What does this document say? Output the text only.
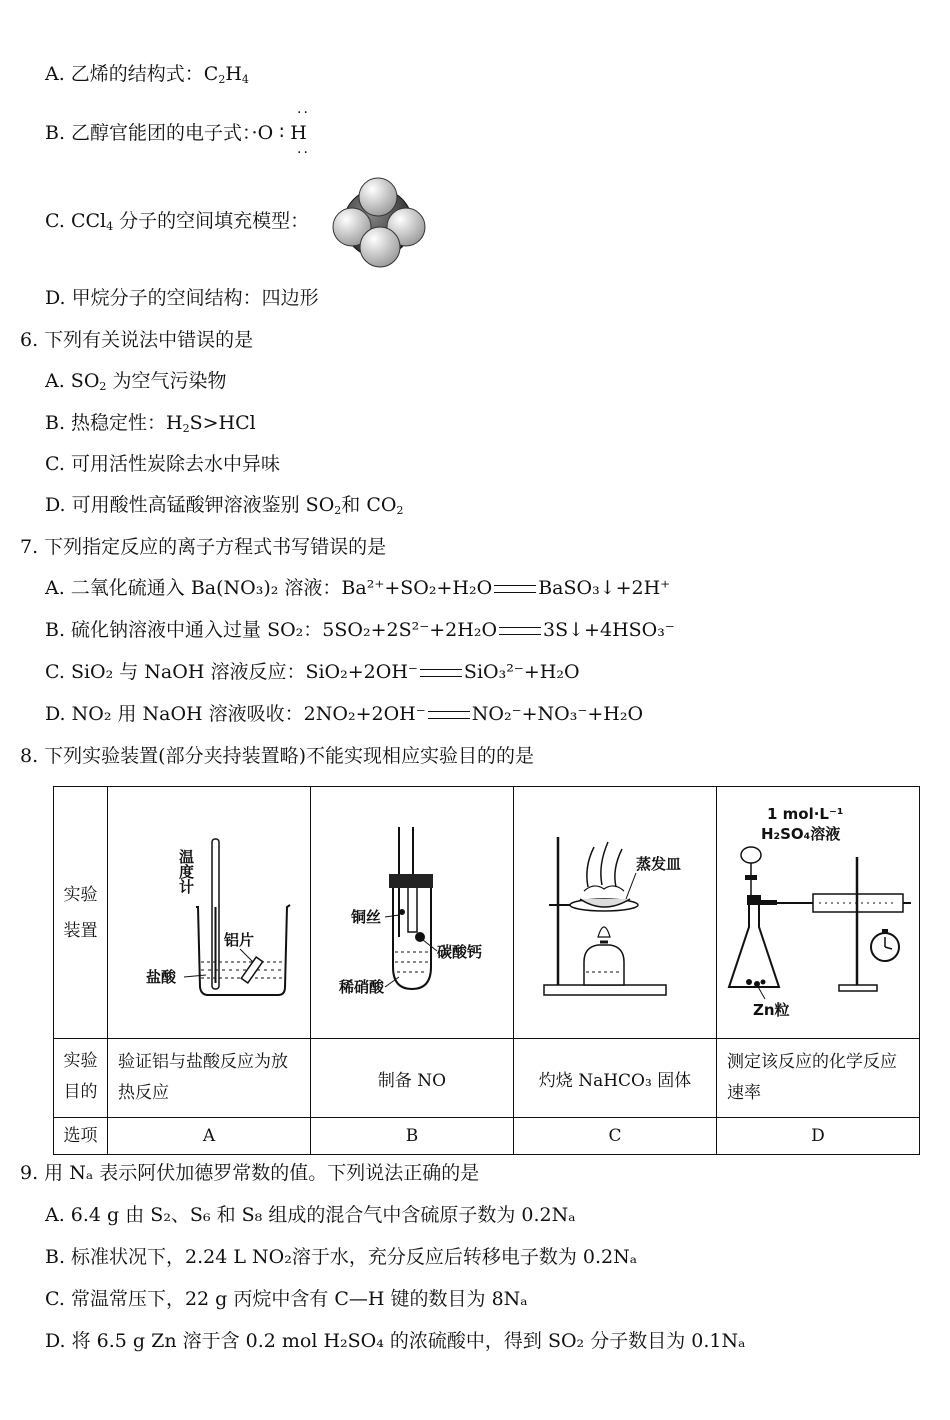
A. 乙烯的结构式：$C_2H_4$
··
B. 乙醇官能团的电子式：·O ∶ H
··
C. CCl$_4$ 分子的空间填充模型：
D. 甲烷分子的空间结构：四边形
6. 下列有关说法中错误的是
A. $SO_2$ 为空气污染物
B. 热稳定性：$H_2S>HCl$
C. 可用活性炭除去水中异味
D. 可用酸性高锰酸钾溶液鉴别 $SO_2$和 $CO_2$
7. 下列指定反应的离子方程式书写错误的是
A. 二氧化硫通入 Ba(NO₃)₂ 溶液：Ba²⁺+SO₂+H₂O BaSO₃↓+2H⁺
B. 硫化钠溶液中通入过量 SO₂：5SO₂+2S²⁻+2H₂O 3S↓+4HSO₃⁻
C. SiO₂ 与 NaOH 溶液反应：SiO₂+2OH⁻ SiO₃²⁻+H₂O
D. NO₂ 用 NaOH 溶液吸收：2NO₂+2OH⁻ NO₂⁻+NO₃⁻+H₂O
8. 下列实验装置(部分夹持装置略)不能实现相应实验目的的是
实验装置	温度计
铝片
盐酸	铜丝
碳酸钙
稀硝酸	蒸发皿	1 mol·L⁻¹
H₂SO₄溶液
Zn粒

实验目的	验证铝与盐酸反应为放热反应	制备 NO	灼烧 NaHCO₃ 固体	测定该反应的化学反应速率
选项	A	B	C	D
9. 用 Nₐ 表示阿伏加德罗常数的值。下列说法正确的是
A. 6.4 g 由 S₂、S₆ 和 S₈ 组成的混合气中含硫原子数为 0.2Nₐ
B. 标准状况下，2.24 L NO₂溶于水，充分反应后转移电子数为 0.2Nₐ
C. 常温常压下，22 g 丙烷中含有 C—H 键的数目为 8Nₐ
D. 将 6.5 g Zn 溶于含 0.2 mol H₂SO₄ 的浓硫酸中，得到 SO₂ 分子数目为 0.1Nₐ
